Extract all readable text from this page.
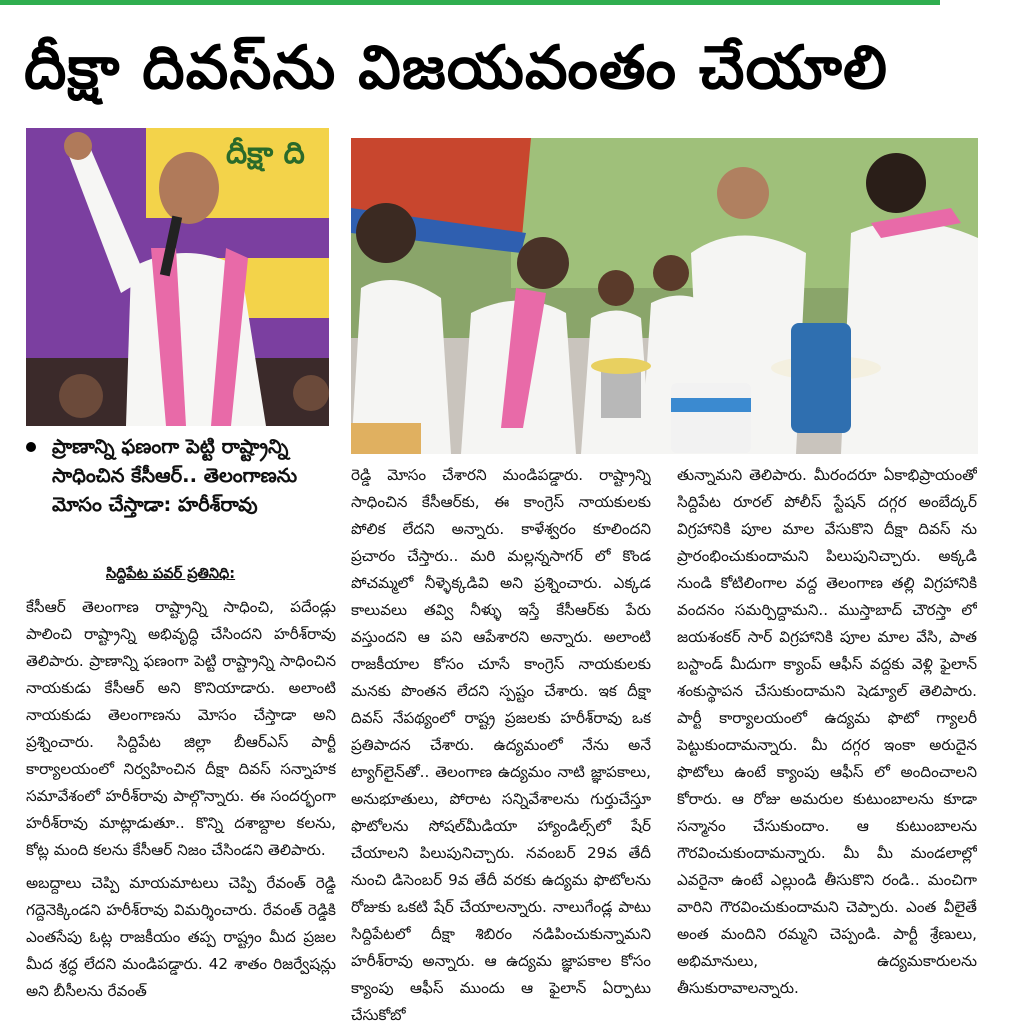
దీక్షా దివస్‌ను విజయవంతం చేయాలి
దీక్షా ది
ప్రాణాన్ని ఫణంగా పెట్టి రాష్ట్రాన్ని సాధించిన కేసీఆర్.. తెలంగాణను మోసం చేస్తాడా: హరీశ్‌రావు
సిద్దిపేట పవర్ ప్రతినిధి:

కేసీఆర్ తెలంగాణ రాష్ట్రాన్ని సాధించి, పదేండ్లు పాలించి రాష్ట్రాన్ని అభివృద్ధి చేసిందని హరీశ్‌రావు తెలిపారు. ప్రాణాన్ని ఫణంగా పెట్టి రాష్ట్రాన్ని సాధించిన నాయకుడు కేసీఆర్ అని కొనియాడారు. అలాంటి నాయకుడు తెలంగాణను మోసం చేస్తాడా అని ప్రశ్నించారు. సిద్దిపేట జిల్లా బీఆర్ఎస్ పార్టీ కార్యాలయంలో నిర్వహించిన దీక్షా దివస్ సన్నాహక సమావేశంలో హరీశ్‌రావు పాల్గొన్నారు. ఈ సందర్భంగా హరీశ్‌రావు మాట్లాడుతూ.. కొన్ని దశాబ్దాల కలను, కోట్ల మంది కలను కేసీఆర్ నిజం చేసిండని తెలిపారు.

అబద్దాలు చెప్పి మాయమాటలు చెప్పి రేవంత్ రెడ్డి గద్దెనెక్కిండని హరీశ్‌రావు విమర్శించారు. రేవంత్ రెడ్డికి ఎంతసేపు ఓట్ల రాజకీయం తప్ప రాష్ట్రం మీద ప్రజల మీద శ్రద్ధ లేదని మండిపడ్డారు. 42 శాతం రిజర్వేషన్లు అని బీసీలను రేవంత్

రెడ్డి మోసం చేశారని మండిపడ్డారు. రాష్ట్రాన్ని సాధించిన కేసీఆర్‌కు, ఈ కాంగ్రెస్ నాయకులకు పోలిక లేదని అన్నారు. కాళేశ్వరం కూలిందని ప్రచారం చేస్తారు.. మరి మల్లన్నసాగర్ లో కొండ పోచమ్మలో నీళ్ళెక్కడివి అని ప్రశ్నించారు. ఎక్కడ కాలువలు తవ్వి నీళ్ళు ఇస్తే కేసీఆర్‌కు పేరు వస్తుందని ఆ పని ఆపేశారని అన్నారు. అలాంటి రాజకీయాల కోసం చూసే కాంగ్రెస్ నాయకులకు మనకు పొంతన లేదని స్పష్టం చేశారు. ఇక దీక్షా దివస్ నేపథ్యంలో రాష్ట్ర ప్రజలకు హరీశ్‌రావు ఒక ప్రతిపాదన చేశారు. ఉద్యమంలో నేను అనే ట్యాగ్‌లైన్‌తో.. తెలంగాణ ఉద్యమం నాటి జ్ఞాపకాలు, అనుభూతులు, పోరాట సన్నివేశాలను గుర్తుచేస్తూ ఫొటోలను సోషల్‌మీడియా హ్యాండిల్స్‌లో షేర్ చేయాలని పిలుపునిచ్చారు. నవంబర్ 29వ తేదీ నుంచి డిసెంబర్ 9వ తేదీ వరకు ఉద్యమ ఫొటోలను రోజుకు ఒకటి షేర్ చేయాలన్నారు. నాలుగేండ్ల పాటు సిద్దిపేటలో దీక్షా శిబిరం నడిపించుకున్నామని హరీశ్‌రావు అన్నారు. ఆ ఉద్యమ జ్ఞాపకాల కోసం క్యాంపు ఆఫీస్ ముందు ఆ ఫైలాన్ ఏర్పాటు చేసుకోబో

తున్నామని తెలిపారు. మీరందరూ ఏకాభిప్రాయంతో సిద్దిపేట రూరల్ పోలీస్ స్టేషన్ దగ్గర అంబేద్కర్ విగ్రహానికి పూల మాల వేసుకొని దీక్షా దివస్ ను ప్రారంభించుకుందామని పిలుపునిచ్చారు. అక్కడి నుండి కోటిలింగాల వద్ద తెలంగాణ తల్లి విగ్రహానికి వందనం సమర్పిద్దామని.. ముస్తాబాద్ చౌరస్తా లో జయశంకర్ సార్ విగ్రహానికి పూల మాల వేసి, పాత బస్టాండ్ మీదుగా క్యాంప్ ఆఫీస్ వద్దకు వెళ్లి ఫైలాన్ శంకుస్థాపన చేసుకుందామని షెడ్యూల్ తెలిపారు. పార్టీ కార్యాలయంలో ఉద్యమ ఫొటో గ్యాలరీ పెట్టుకుందామన్నారు. మీ దగ్గర ఇంకా అరుదైన ఫొటోలు ఉంటే క్యాంపు ఆఫీస్ లో అందించాలని కోరారు. ఆ రోజు అమరుల కుటుంబాలను కూడా సన్మానం చేసుకుందాం. ఆ కుటుంబాలను గౌరవించుకుందామన్నారు. మీ మీ మండలాల్లో ఎవరైనా ఉంటే ఎల్లుండి తీసుకొని రండి.. మంచిగా వారిని గౌరవించుకుందామని చెప్పారు. ఎంత వీలైతే అంత మందిని రమ్మని చెప్పండి. పార్టీ శ్రేణులు, అభిమానులు, ఉద్యమకారులను తీసుకురావాలన్నారు.
